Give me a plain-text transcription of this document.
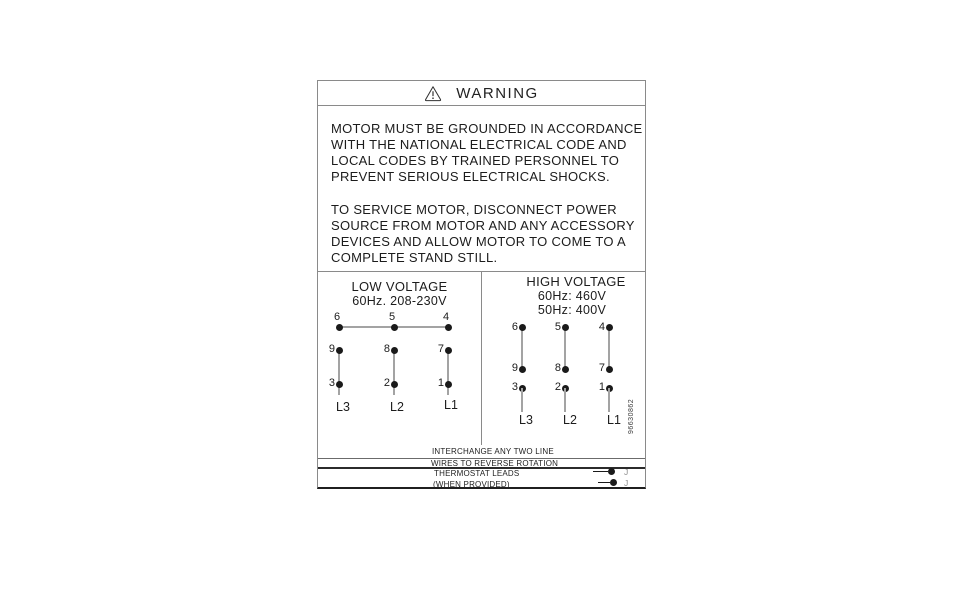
WARNING
MOTOR MUST BE GROUNDED IN ACCORDANCE
WITH THE NATIONAL ELECTRICAL CODE AND
LOCAL CODES BY TRAINED PERSONNEL TO
PREVENT SERIOUS ELECTRICAL SHOCKS.
TO SERVICE MOTOR, DISCONNECT POWER
SOURCE FROM MOTOR AND ANY ACCESSORY
DEVICES AND ALLOW MOTOR TO COME TO A
COMPLETE STAND STILL.
LOW VOLTAGE
60Hz. 208-230V
6	5	4
9	8	7
3	2	1
L3	L2	L1
HIGH VOLTAGE
60Hz: 460V
50Hz: 400V
6	5	4
9	8	7
3	2	1
L3	L2	L1	96630862
INTERCHANGE ANY TWO LINE
WIRES TO REVERSE ROTATION
THERMOSTAT LEADS	J
(WHEN PROVIDED)	J
